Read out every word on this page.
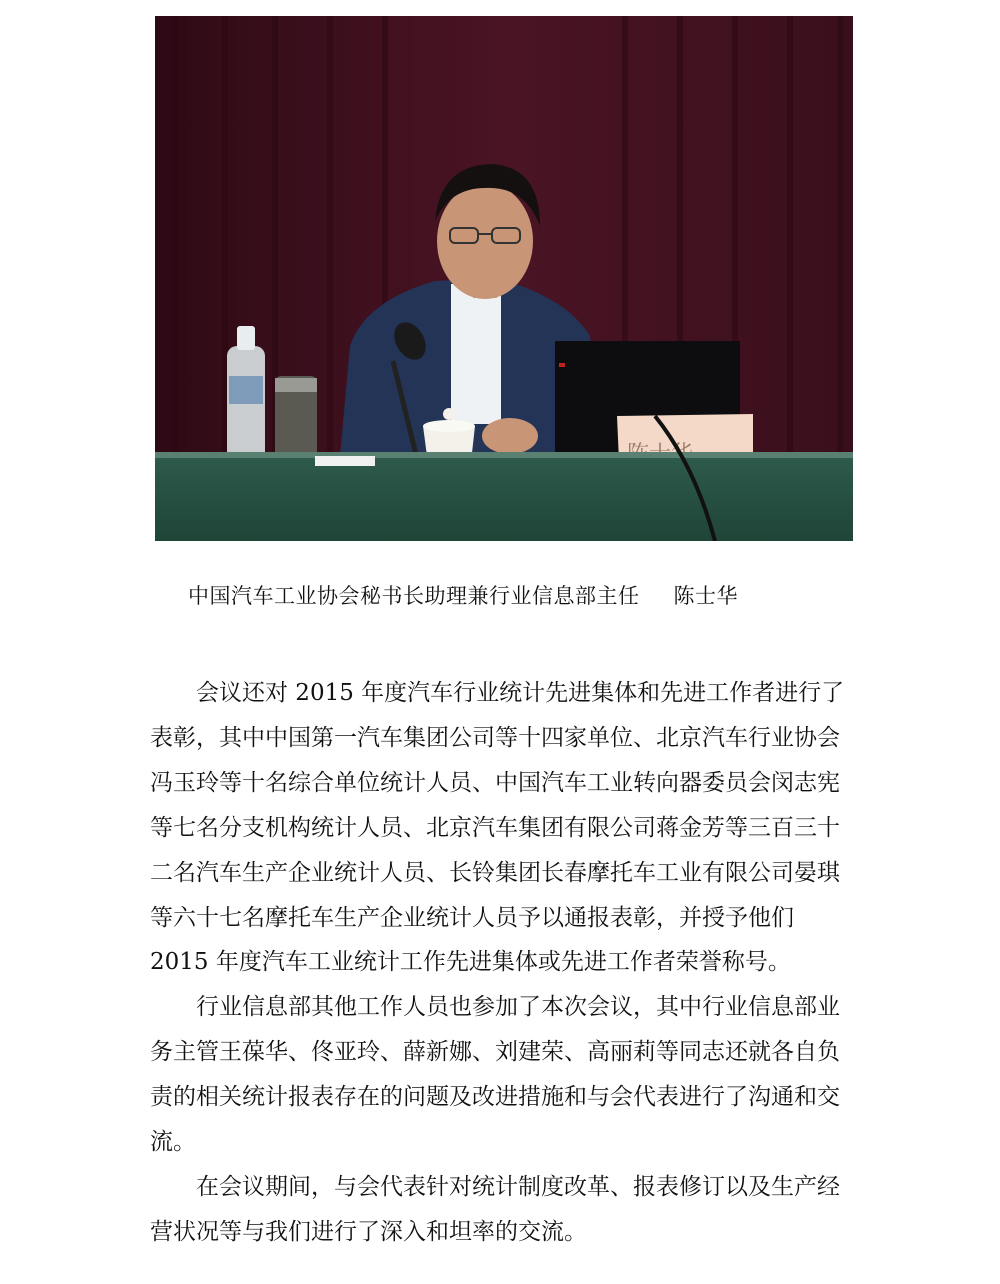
中国汽车工业协会秘书长助理兼行业信息部主任 陈士华

会议还对 2015 年度汽车行业统计先进集体和先进工作者进行了表彰，其中中国第一汽车集团公司等十四家单位、北京汽车行业协会冯玉玲等十名综合单位统计人员、中国汽车工业转向器委员会闵志宪等七名分支机构统计人员、北京汽车集团有限公司蒋金芳等三百三十二名汽车生产企业统计人员、长铃集团长春摩托车工业有限公司晏琪等六十七名摩托车生产企业统计人员予以通报表彰，并授予他们 2015 年度汽车工业统计工作先进集体或先进工作者荣誉称号。

行业信息部其他工作人员也参加了本次会议，其中行业信息部业务主管王葆华、佟亚玲、薛新娜、刘建荣、高丽莉等同志还就各自负责的相关统计报表存在的问题及改进措施和与会代表进行了沟通和交流。

在会议期间，与会代表针对统计制度改革、报表修订以及生产经营状况等与我们进行了深入和坦率的交流。
